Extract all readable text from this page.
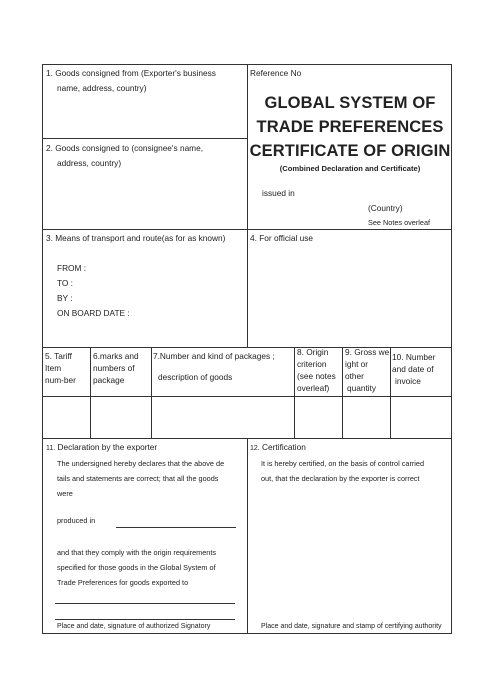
1. Goods consigned from (Exporter's business
name, address, country)
2. Goods consigned to (consignee's name,
address, country)
Reference No
GLOBAL SYSTEM OF
TRADE PREFERENCES
CERTIFICATE OF ORIGIN
(Combined Declaration and Certificate)
issued in
(Country)
See Notes overleaf
3. Means of transport and route(as for as known)
FROM :
TO :
BY :
ON BOARD DATE :
4. For official use
5. Tariff
Item
num-ber
6.marks and
numbers of
package
7.Number and kind of packages ;
description of goods
8. Origin
criterion
(see notes
overleaf)
9. Gross we
ight or
other
quantity
10. Number
and date of
invoice
11. Declaration by the exporter
The undersigned hereby declares that the above de
tails and statements are correct; that all the goods
were
produced in
and that they comply with the origin requirements
specified for those goods in the Global System of
Trade Preferences for goods exported to
Place and date, signature of authorized Signatory
12. Certification
It is hereby certified, on the basis of control carried
out, that the declaration by the exporter is correct
Place and date, signature and stamp of certifying authority
